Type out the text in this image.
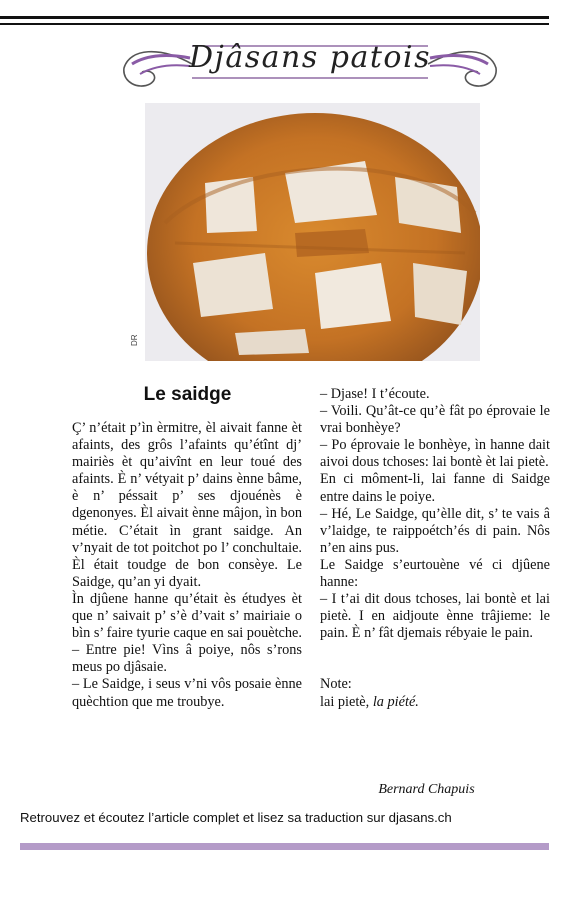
Djâsans patois
DR
Le saidge

Ç’ n’était p’ìn èrmitre, èl aivait fanne èt afaints, des grôs l’afaints qu’étînt dj’ mairiès èt qu’aivînt en leur toué des afaints. È n’ vétyait p’ dains ènne bâme, è n’ péssait p’ ses djouénès è dgenonyes. Èl aivait ènne mâjon, ìn bon métie. C’était ìn grant saidge. An v’nyait de tot poitchot po l’ conchultaie. Èl était toudge de bon consèye. Le Saidge, qu’an yi dyait.

Ìn djûene hanne qu’était ès étudyes èt que n’ saivait p’ s’è d’vait s’ mairiaie o bìn s’ faire tyurie caque en sai pouètche.

– Entre pie! Vìns â poiye, nôs s’rons meus po djâsaie.

– Le Saidge, i seus v’ni vôs posaie ènne quèchtion que me troubye.

– Djase! I t’écoute.

– Voili. Qu’ât-ce qu’è fât po éprovaie le vrai bonhèye?

– Po éprovaie le bonhèye, ìn hanne dait aivoi dous tchoses: lai bontè èt lai pietè.

En ci môment-li, lai fanne di Saidge entre dains le poiye.

– Hé, Le Saidge, qu’èlle dit, s’ te vais â v’laidge, te raippoétch’és di pain. Nôs n’en ains pus.

Le Saidge s’eurtouène vé ci djûene hanne:

– I t’ai dit dous tchoses, lai bontè et lai pietè. I en aidjoute ènne trâjieme: le pain. È n’ fât djemais rébyaie le pain.

Note:

lai pietè, la piété.

Bernard Chapuis
Retrouvez et écoutez l’article complet et lisez sa traduction sur djasans.ch
